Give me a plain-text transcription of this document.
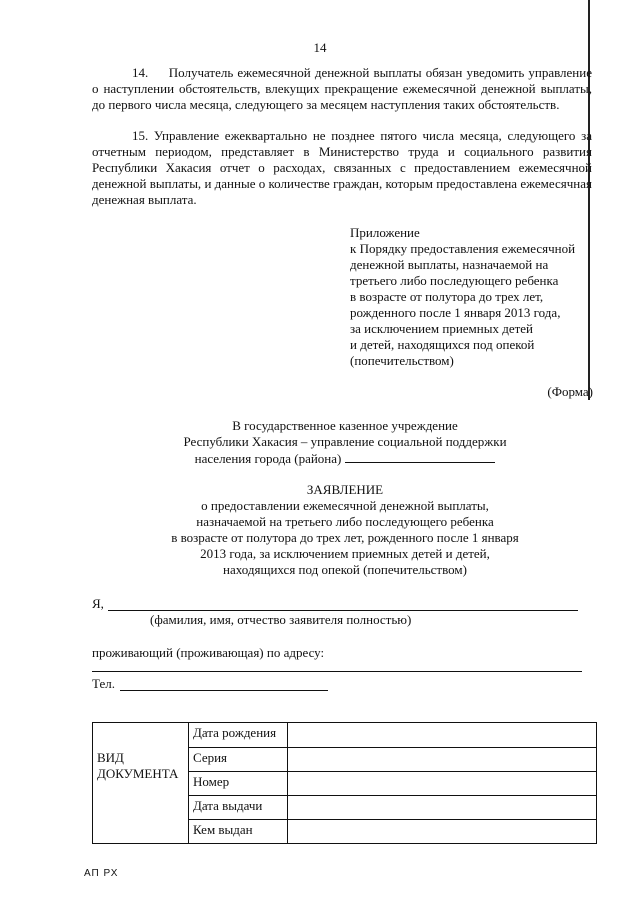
14
14. Получатель ежемесячной денежной выплаты обязан уведомить управление о наступлении обстоятельств, влекущих прекращение ежемесячной денежной выплаты, до первого числа месяца, следующего за месяцем наступления таких обстоятельств.
15. Управление ежеквартально не позднее пятого числа месяца, следующего за отчетным периодом, представляет в Министерство труда и социального развития Республики Хакасия отчет о расходах, связанных с предоставлением ежемесячной денежной выплаты, и данные о количестве граждан, которым предоставлена ежемесячная денежная выплата.
Приложение
к Порядку предоставления ежемесячной
денежной выплаты, назначаемой на
третьего либо последующего ребенка
в возрасте от полутора до трех лет,
рожденного после 1 января 2013 года,
за исключением приемных детей
и детей, находящихся под опекой
(попечительством)
(Форма)
В государственное казенное учреждение
Республики Хакасия – управление социальной поддержки
населения города (района)
ЗАЯВЛЕНИЕ
о предоставлении ежемесячной денежной выплаты,
назначаемой на третьего либо последующего ребенка
в возрасте от полутора до трех лет, рожденного после 1 января
2013 года, за исключением приемных детей и детей,
находящихся под опекой (попечительством)
Я,
(фамилия, имя, отчество заявителя полностью)
проживающий (проживающая) по адресу:
Тел.
	Дата рождения	
ВИД ДОКУМЕНТА	Серия	
	Номер	
	Дата выдачи	
	Кем выдан	
АП РХ
